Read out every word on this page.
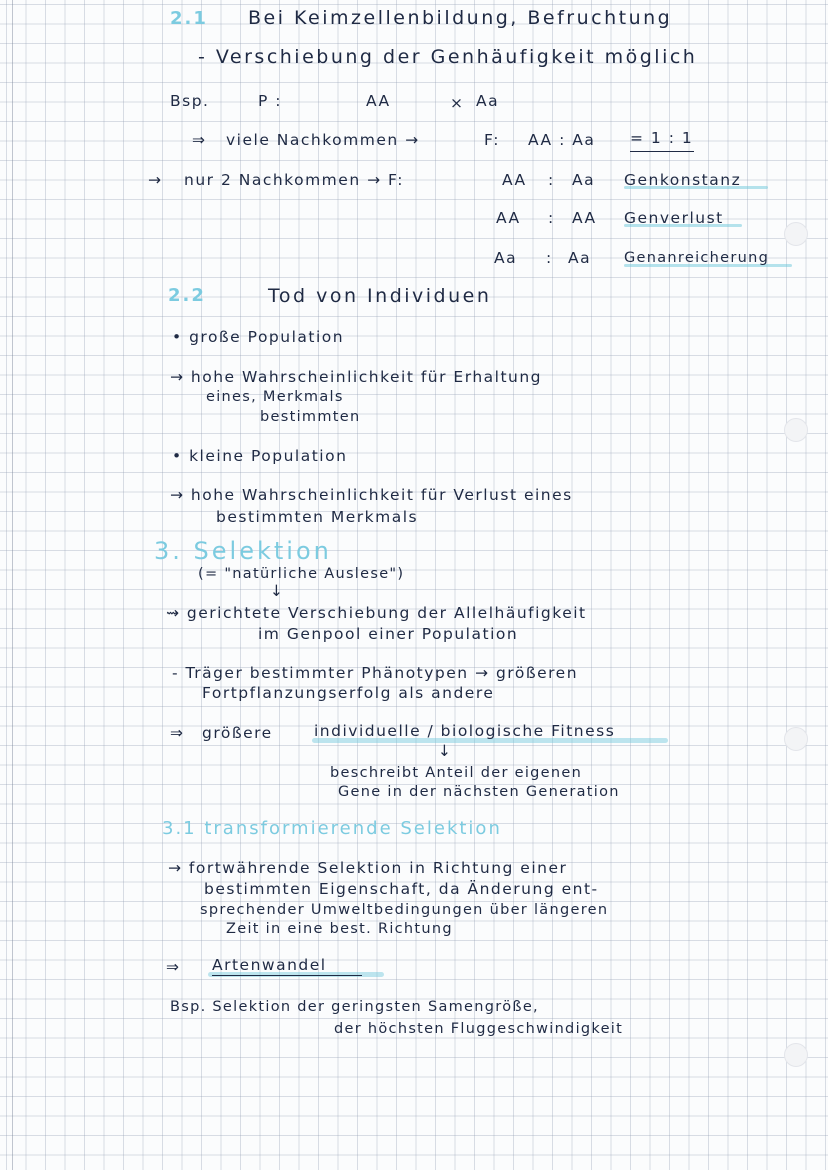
2.1 Bei Keimzellenbildung, Befruchtung
- Verschiebung der Genhäufigkeit möglich
Bsp.	P :	AA	× Aa
⇒ viele Nachkommen →	F: AA : Aa = 1 : 1
→ nur 2 Nachkommen → F:	AA : Aa Genkonstanz
AA : AA Genverlust
Aa : Aa Genanreicherung
2.2	Tod von Individuen
• große Population
→ hohe Wahrscheinlichkeit für Erhaltung
eines, Merkmals
bestimmten
• kleine Population
→ hohe Wahrscheinlichkeit für Verlust eines
bestimmten Merkmals
3. Selektion
(= "natürliche Auslese")
↓
⇝ gerichtete Verschiebung der Allelhäufigkeit
im Genpool einer Population
- Träger bestimmter Phänotypen → größeren
Fortpflanzungserfolg als andere
⇒ größere	individuelle / biologische Fitness
↓
beschreibt Anteil der eigenen
Gene in der nächsten Generation
3.1 transformierende Selektion
→ fortwährende Selektion in Richtung einer
bestimmten Eigenschaft, da Änderung ent-
sprechender Umweltbedingungen über längeren
Zeit in eine best. Richtung
⇒ Artenwandel
Bsp. Selektion der geringsten Samengröße,
der höchsten Fluggeschwindigkeit
